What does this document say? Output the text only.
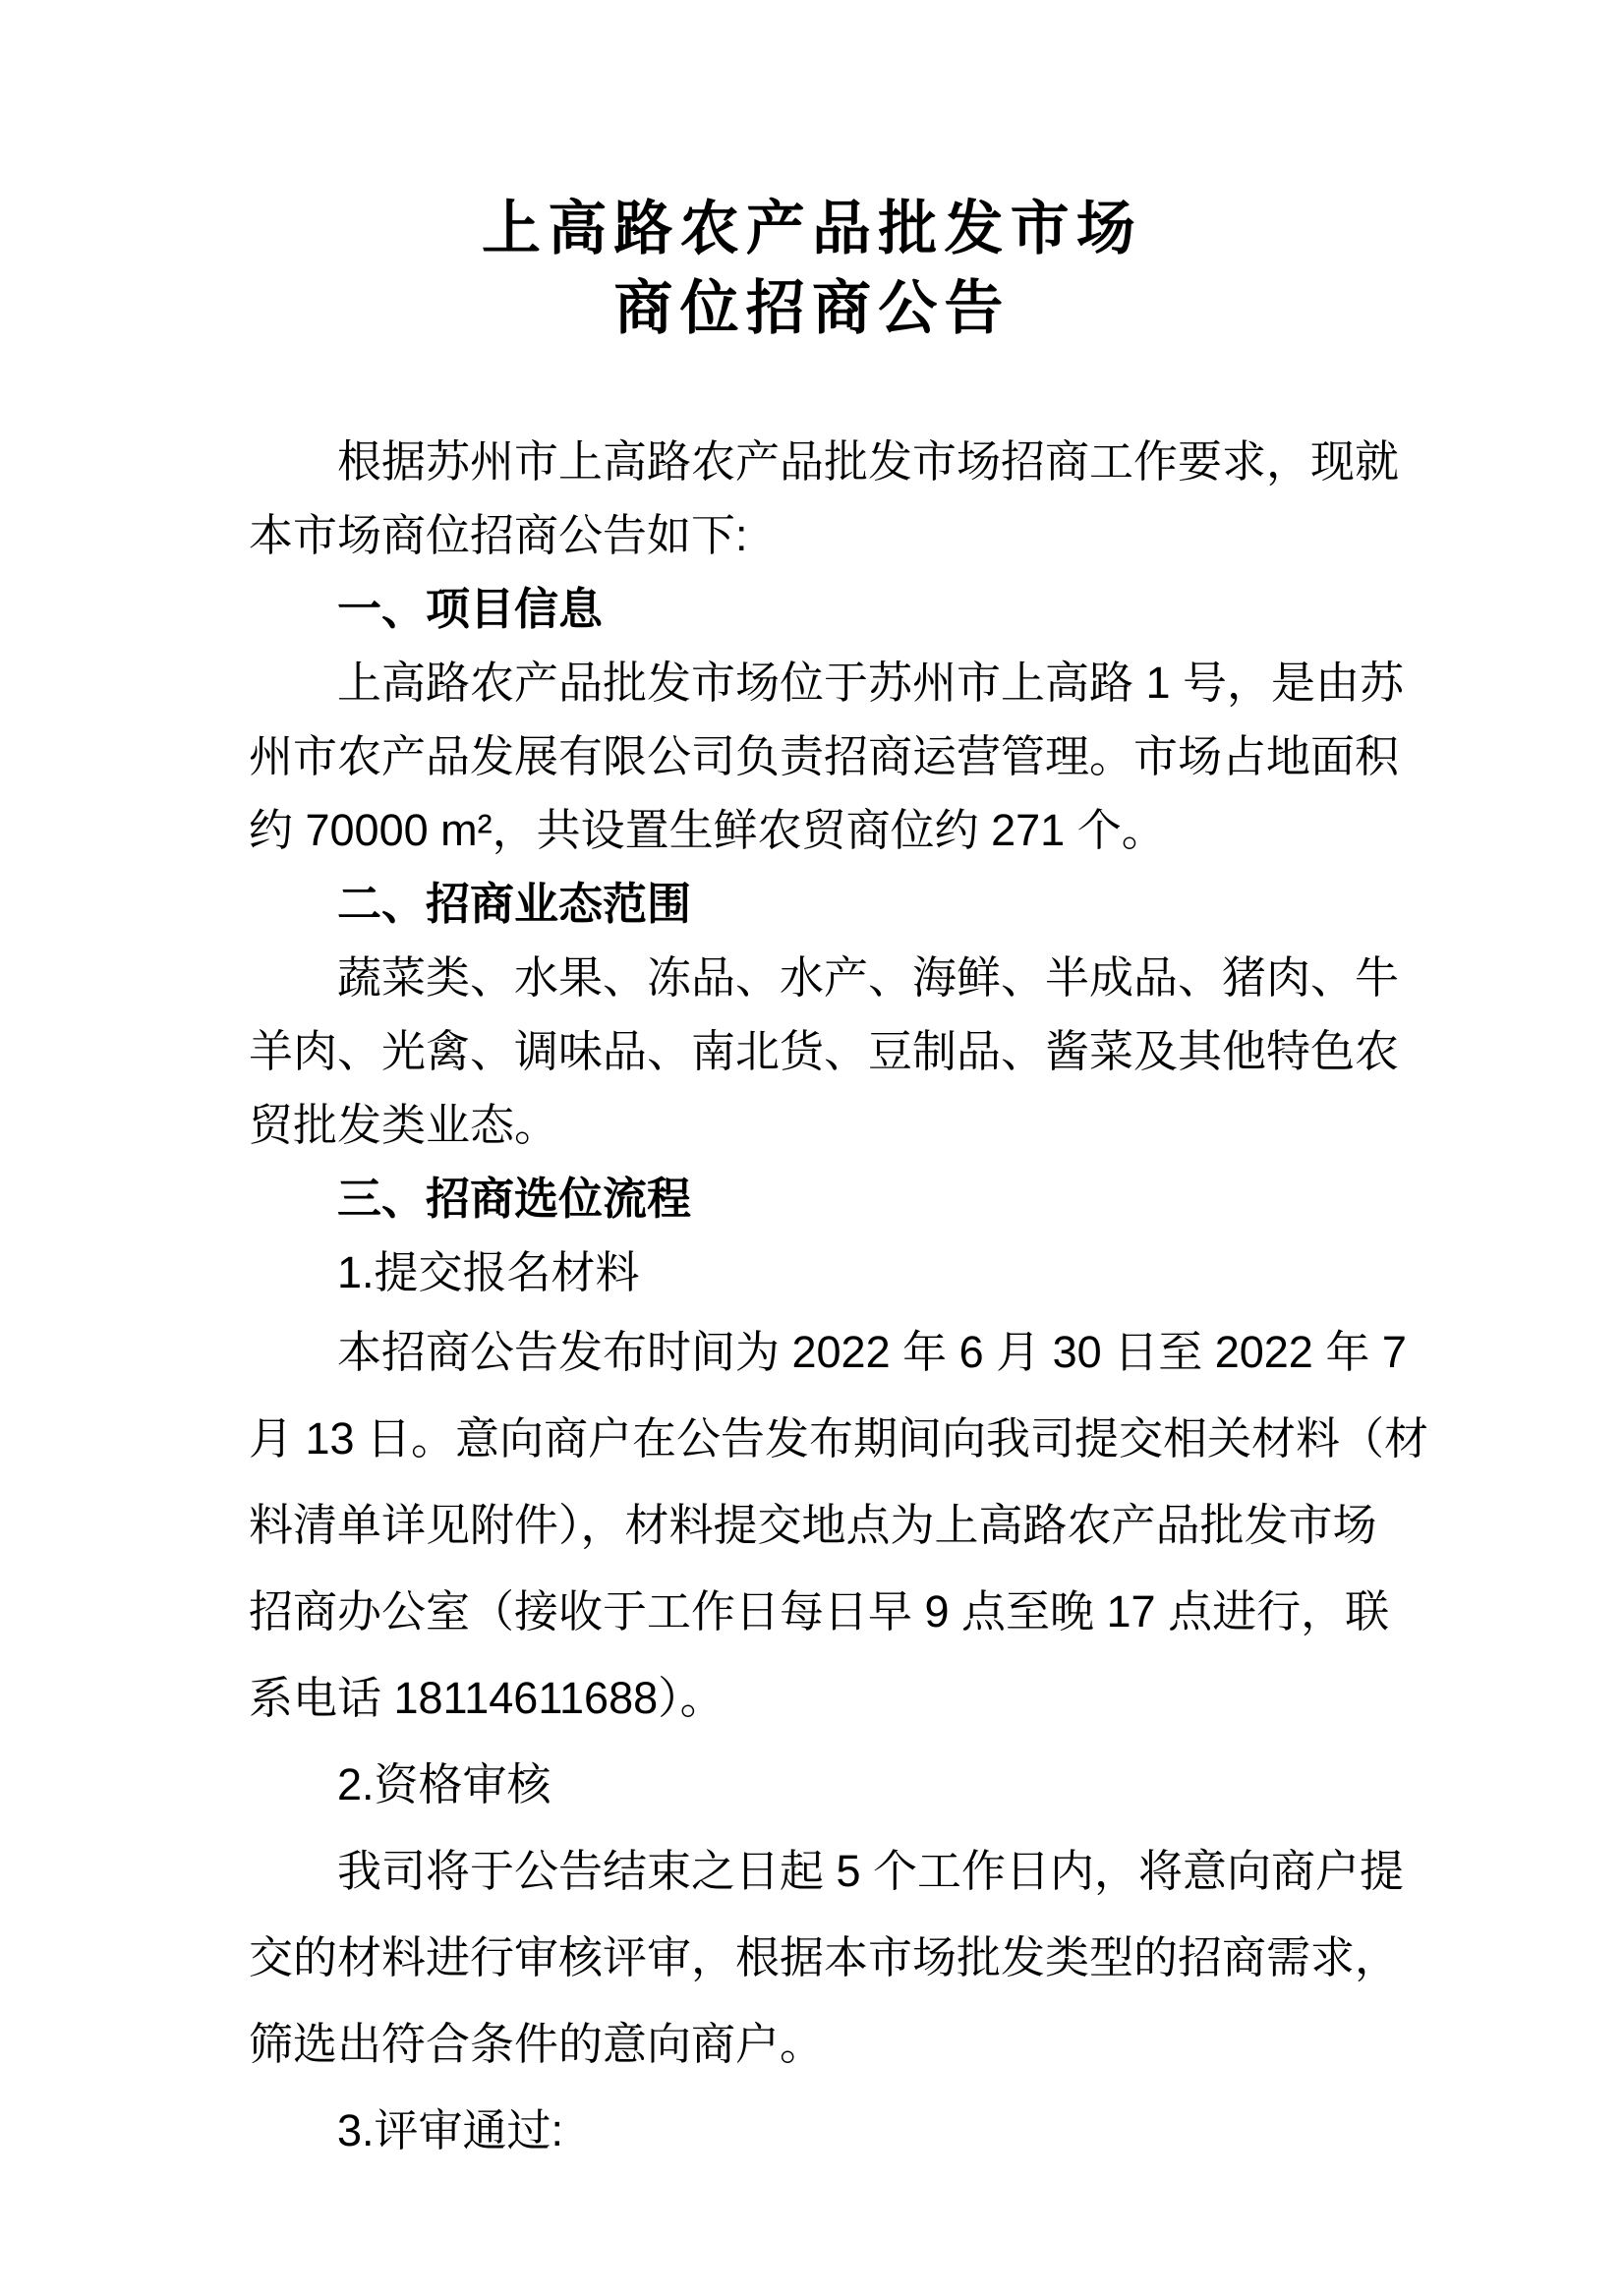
上高路农产品批发市场
商位招商公告
根据苏州市上高路农产品批发市场招商工作要求，现就
本市场商位招商公告如下:
一、项目信息
上高路农产品批发市场位于苏州市上高路 1 号，是由苏
州市农产品发展有限公司负责招商运营管理。市场占地面积
约 70000 m²，共设置生鲜农贸商位约 271 个。
二、招商业态范围
蔬菜类、水果、冻品、水产、海鲜、半成品、猪肉、牛
羊肉、光禽、调味品、南北货、豆制品、酱菜及其他特色农
贸批发类业态。
三、招商选位流程
1.提交报名材料
本招商公告发布时间为 2022 年 6 月 30 日至 2022 年 7
月 13 日。意向商户在公告发布期间向我司提交相关材料（材
料清单详见附件），材料提交地点为上高路农产品批发市场
招商办公室（接收于工作日每日早 9 点至晚 17 点进行，联
系电话 18114611688）。
2.资格审核
我司将于公告结束之日起 5 个工作日内，将意向商户提
交的材料进行审核评审，根据本市场批发类型的招商需求，
筛选出符合条件的意向商户。
3.评审通过:
